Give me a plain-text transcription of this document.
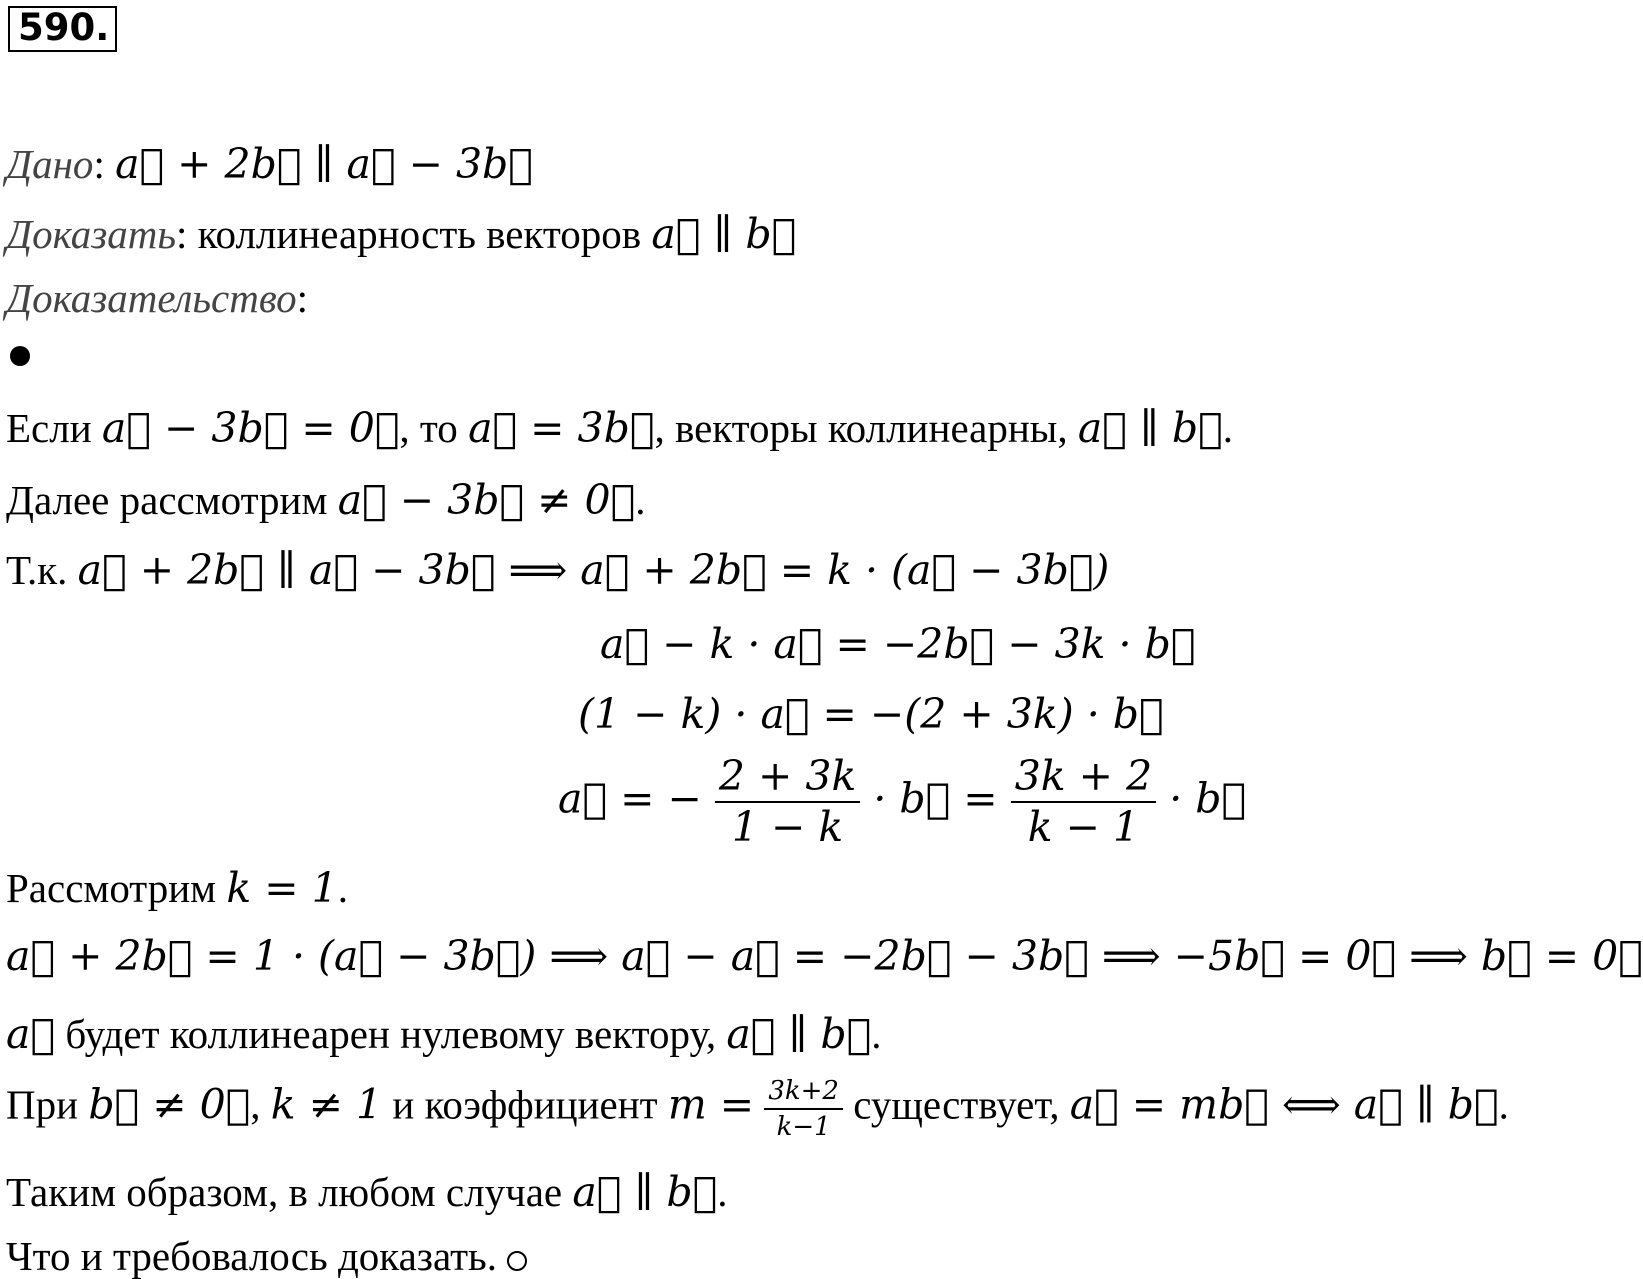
590.
Дано: a⃗ + 2b⃗ ∥ a⃗ − 3b⃗
Доказать: коллинеарность векторов a⃗ ∥ b⃗
Доказательство:
Если a⃗ − 3b⃗ = 0⃗, то a⃗ = 3b⃗, векторы коллинеарны, a⃗ ∥ b⃗.
Далее рассмотрим a⃗ − 3b⃗ ≠ 0⃗.
Т.к. a⃗ + 2b⃗ ∥ a⃗ − 3b⃗ ⟹ a⃗ + 2b⃗ = k · (a⃗ − 3b⃗)
a⃗ − k · a⃗ = −2b⃗ − 3k · b⃗
(1 − k) · a⃗ = −(2 + 3k) · b⃗
a⃗ = − $\frac{2 + 3k}{1 - k}$ · b⃗ = $\frac{3k + 2}{k - 1}$ · b⃗
Рассмотрим k = 1.
a⃗ + 2b⃗ = 1 · (a⃗ − 3b⃗) ⟹ a⃗ − a⃗ = −2b⃗ − 3b⃗ ⟹ −5b⃗ = 0⃗ ⟹ b⃗ = 0⃗
a⃗ будет коллинеарен нулевому вектору, a⃗ ∥ b⃗.
При b⃗ ≠ 0⃗, k ≠ 1 и коэффициент $m = \frac{3k+2}{k-1}$ существует, a⃗ = mb⃗ ⟺ a⃗ ∥ b⃗.
Таким образом, в любом случае a⃗ ∥ b⃗.
Что и требовалось доказать.
